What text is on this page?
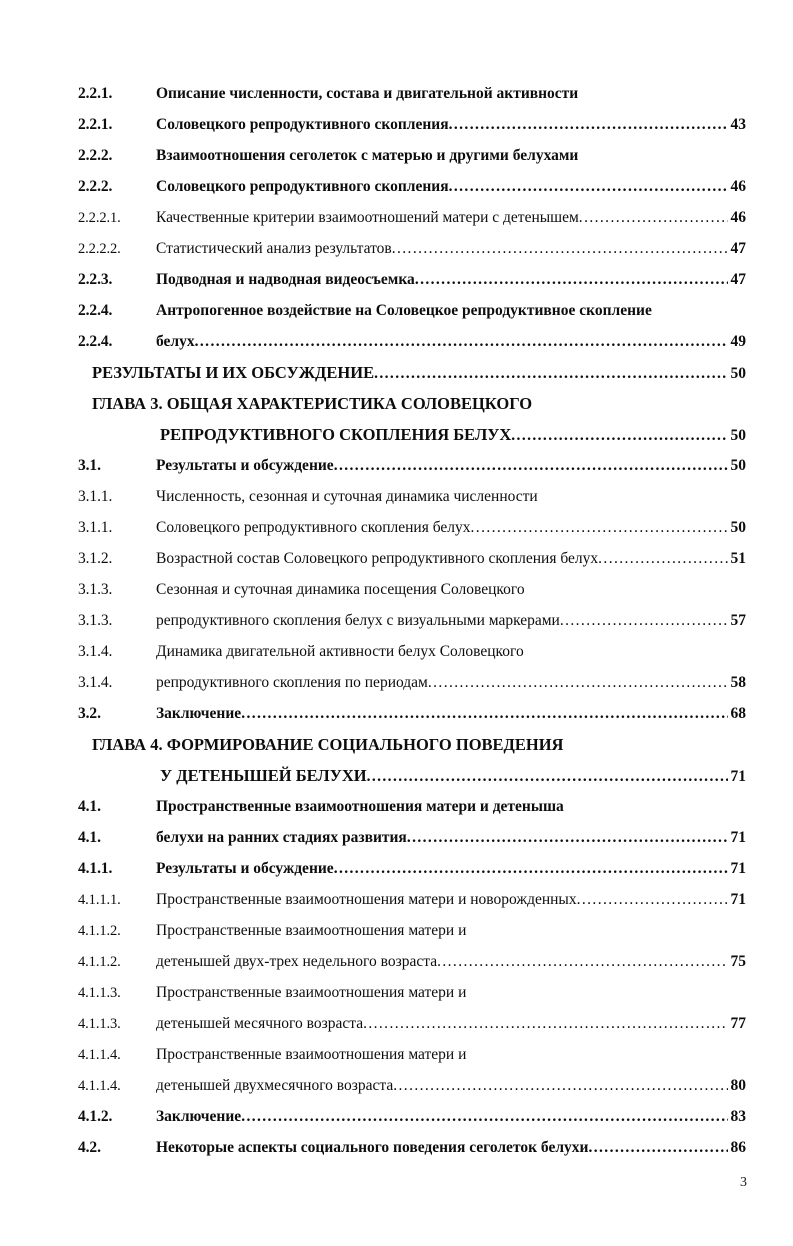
2.2.1.	Описание численности, состава и двигательной активности
2.2.1.	Соловецкого репродуктивного скопления .....	43
2.2.2.	Взаимоотношения сеголеток с матерью и другими белухами
2.2.2.	Соловецкого репродуктивного скопления .....	46
2.2.2.1.	Качественные критерии взаимоотношений матери с детенышем .....	46
2.2.2.2.	Статистический анализ результатов .....	47
2.2.3.	Подводная и надводная видеосъемка .....	47
2.2.4.	Антропогенное воздействие на Соловецкое репродуктивное скопление
2.2.4.	белух .....	49
РЕЗУЛЬТАТЫ И ИХ ОБСУЖДЕНИЕ .....	50
ГЛАВА 3. ОБЩАЯ ХАРАКТЕРИСТИКА СОЛОВЕЦКОГО
РЕПРОДУКТИВНОГО СКОПЛЕНИЯ БЕЛУХ .....	50
3.1.	Результаты и обсуждение .....	50
3.1.1.	Численность, сезонная и суточная динамика численности
3.1.1.	Соловецкого репродуктивного скопления белух .....	50
3.1.2.	Возрастной состав Соловецкого репродуктивного скопления белух .....	51
3.1.3.	Сезонная и суточная динамика посещения Соловецкого
3.1.3.	репродуктивного скопления белух с визуальными маркерами .....	57
3.1.4.	Динамика двигательной активности белух Соловецкого
3.1.4.	репродуктивного скопления по периодам .....	58
3.2.	Заключение .....	68
ГЛАВА 4. ФОРМИРОВАНИЕ СОЦИАЛЬНОГО ПОВЕДЕНИЯ
У ДЕТЕНЫШЕЙ БЕЛУХИ .....	71
4.1.	Пространственные взаимоотношения матери и детеныша
4.1.	белухи на ранних стадиях развития .....	71
4.1.1.	Результаты и обсуждение .....	71
4.1.1.1.	Пространственные взаимоотношения матери и новорожденных .....	71
4.1.1.2.	Пространственные взаимоотношения матери и
4.1.1.2.	детенышей двух-трех недельного возраста .....	75
4.1.1.3.	Пространственные взаимоотношения матери и
4.1.1.3.	детенышей месячного возраста .....	77
4.1.1.4.	Пространственные взаимоотношения матери и
4.1.1.4.	детенышей двухмесячного возраста .....	80
4.1.2.	Заключение .....	83
4.2.	Некоторые аспекты социального поведения сеголеток белухи .....	86
3
